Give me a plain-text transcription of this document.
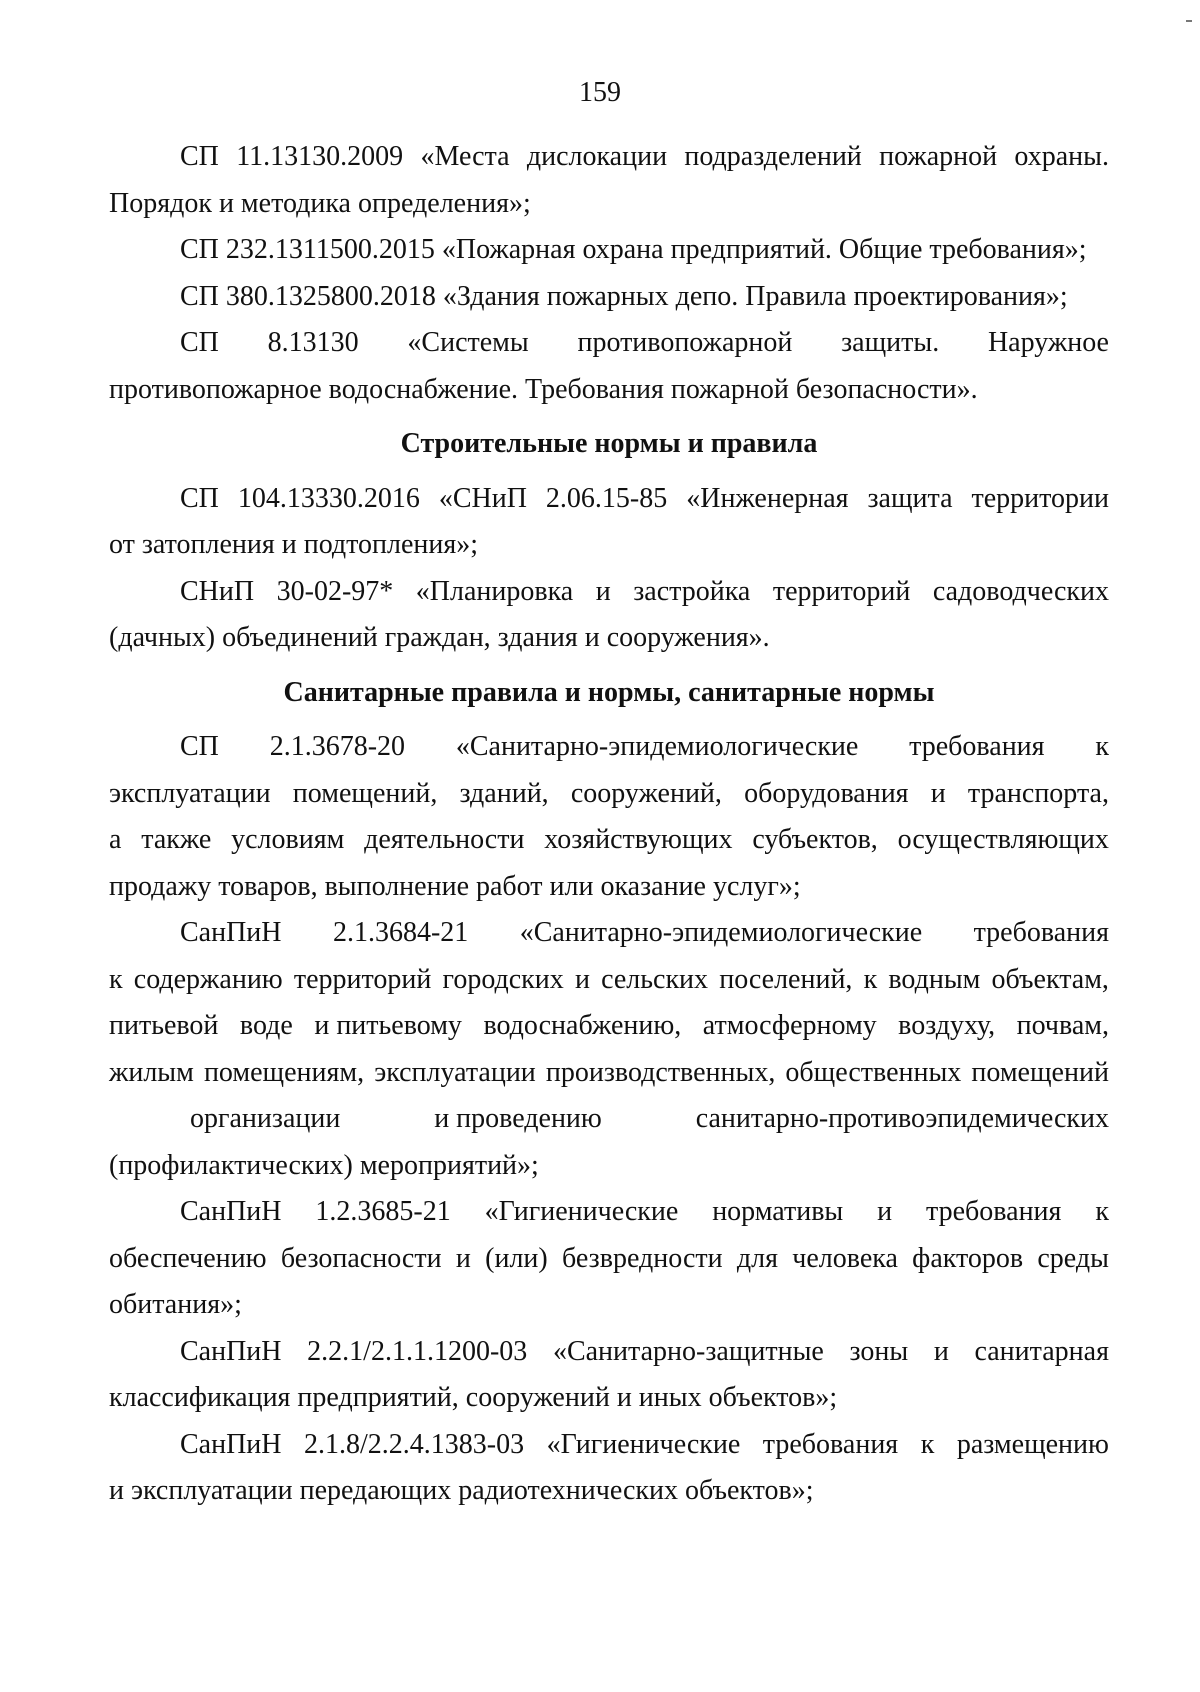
159
СП 11.13130.2009 «Места дислокации подразделений пожарной охраны.
Порядок и методика определения»;
СП 232.1311500.2015 «Пожарная охрана предприятий. Общие требования»;
СП 380.1325800.2018 «Здания пожарных депо. Правила проектирования»;
СП 8.13130 «Системы противопожарной защиты. Наружное
противопожарное водоснабжение. Требования пожарной безопасности».
Строительные нормы и правила
СП 104.13330.2016 «СНиП 2.06.15-85 «Инженерная защита территории
от затопления и подтопления»;
СНиП 30-02-97* «Планировка и застройка территорий садоводческих
(дачных) объединений граждан, здания и сооружения».
Санитарные правила и нормы, санитарные нормы
СП 2.1.3678-20 «Санитарно-эпидемиологические требования к
эксплуатации помещений, зданий, сооружений, оборудования и транспорта,
а также условиям деятельности хозяйствующих субъектов, осуществляющих
продажу товаров, выполнение работ или оказание услуг»;
СанПиН 2.1.3684-21 «Санитарно-эпидемиологические требования
к содержанию территорий городских и сельских поселений, к водным объектам,
питьевой воде и питьевому водоснабжению, атмосферному воздуху, почвам,
жилым помещениям, эксплуатации производственных, общественных помещений
организации	и проведению	санитарно-противоэпидемических
(профилактических) мероприятий»;
СанПиН 1.2.3685-21 «Гигиенические нормативы и требования к
обеспечению безопасности и (или) безвредности для человека факторов среды
обитания»;
СанПиН 2.2.1/2.1.1.1200-03 «Санитарно-защитные зоны и санитарная
классификация предприятий, сооружений и иных объектов»;
СанПиН 2.1.8/2.2.4.1383-03 «Гигиенические требования к размещению
и эксплуатации передающих радиотехнических объектов»;
